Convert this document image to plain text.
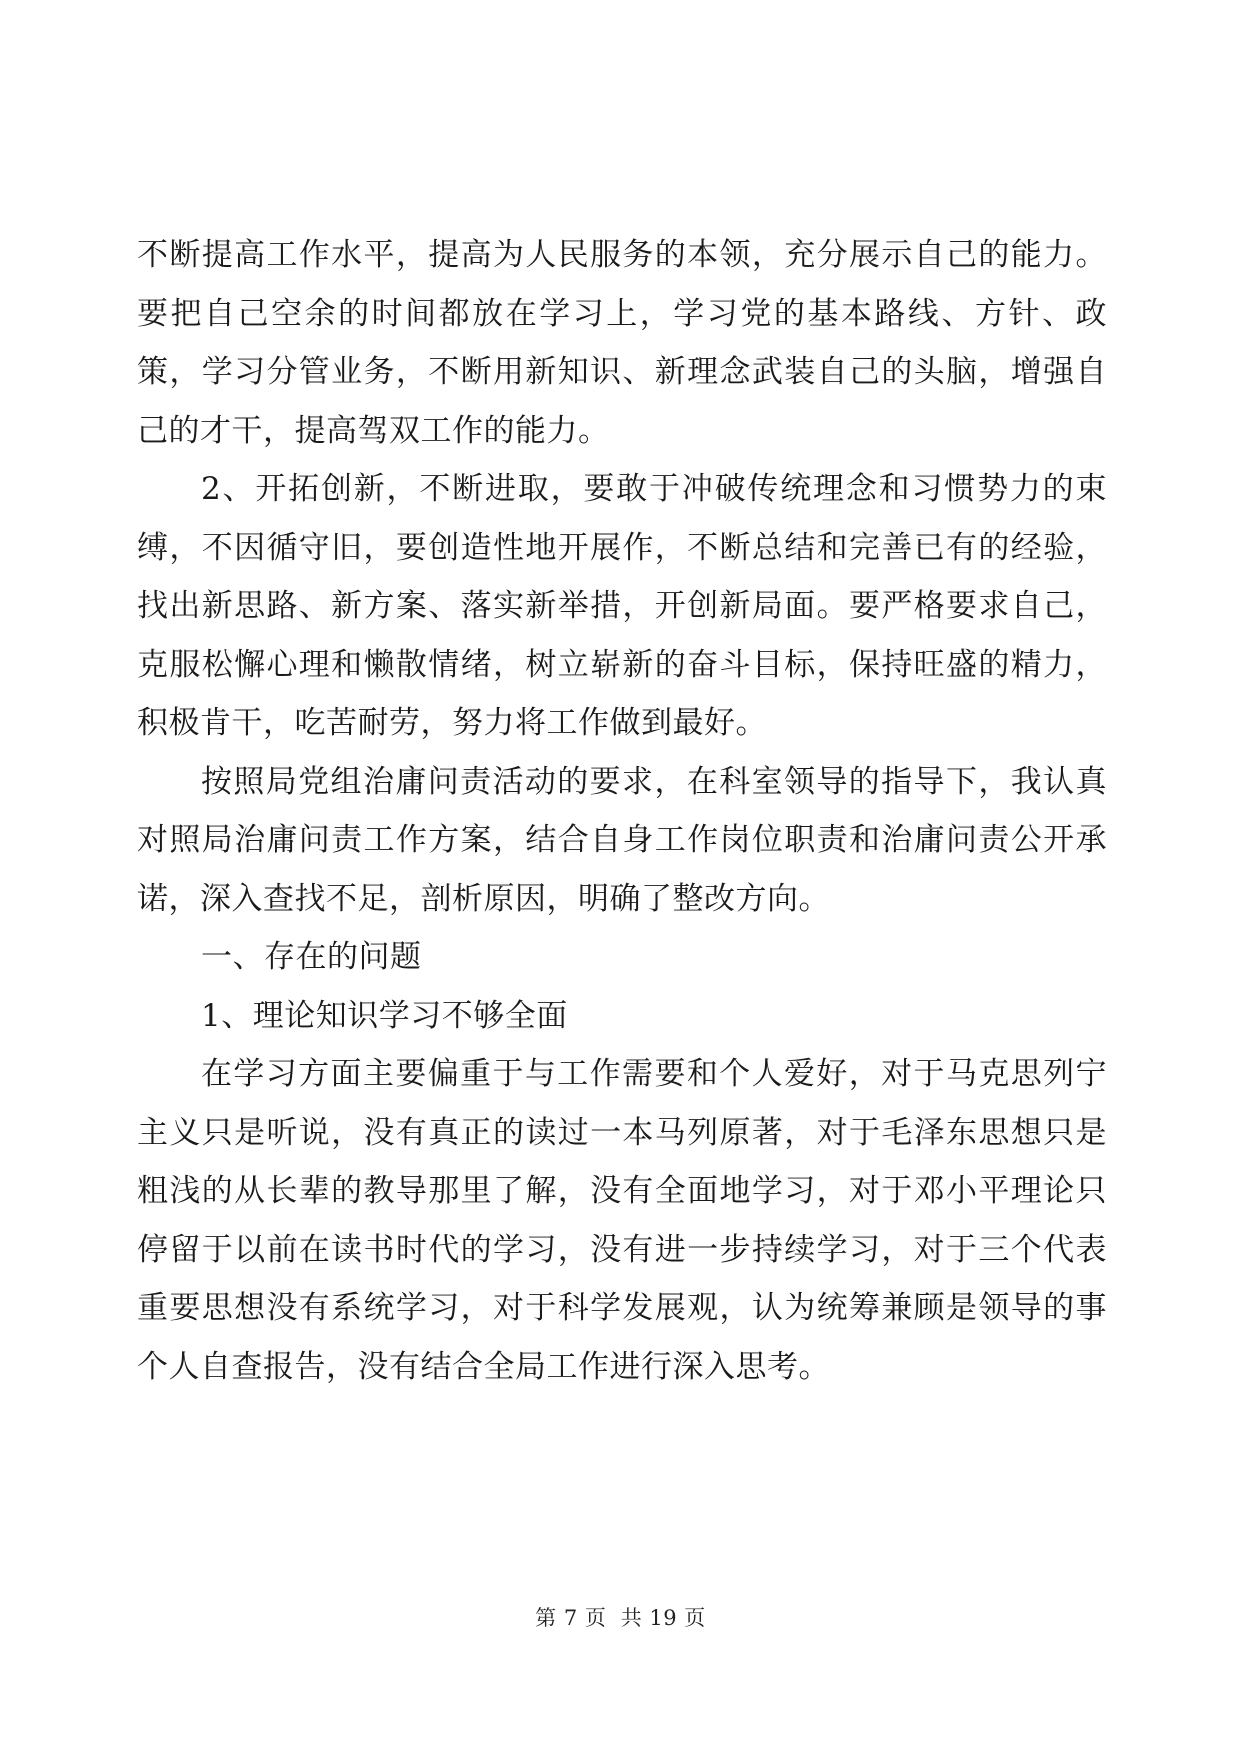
不断提高工作水平，提高为人民服务的本领，充分展示自己的能力。要把自己空余的时间都放在学习上，学习党的基本路线、方针、政策，学习分管业务，不断用新知识、新理念武装自己的头脑，增强自己的才干，提高驾双工作的能力。

2、开拓创新，不断进取，要敢于冲破传统理念和习惯势力的束缚，不因循守旧，要创造性地开展作，不断总结和完善已有的经验，找出新思路、新方案、落实新举措，开创新局面。要严格要求自己，克服松懈心理和懒散情绪，树立崭新的奋斗目标，保持旺盛的精力，积极肯干，吃苦耐劳，努力将工作做到最好。

按照局党组治庸问责活动的要求，在科室领导的指导下，我认真对照局治庸问责工作方案，结合自身工作岗位职责和治庸问责公开承诺，深入查找不足，剖析原因，明确了整改方向。

一、存在的问题

1、理论知识学习不够全面

在学习方面主要偏重于与工作需要和个人爱好，对于马克思列宁主义只是听说，没有真正的读过一本马列原著，对于毛泽东思想只是粗浅的从长辈的教导那里了解，没有全面地学习，对于邓小平理论只停留于以前在读书时代的学习，没有进一步持续学习，对于三个代表重要思想没有系统学习，对于科学发展观，认为统筹兼顾是领导的事个人自查报告，没有结合全局工作进行深入思考。

第 7 页  共 19 页
